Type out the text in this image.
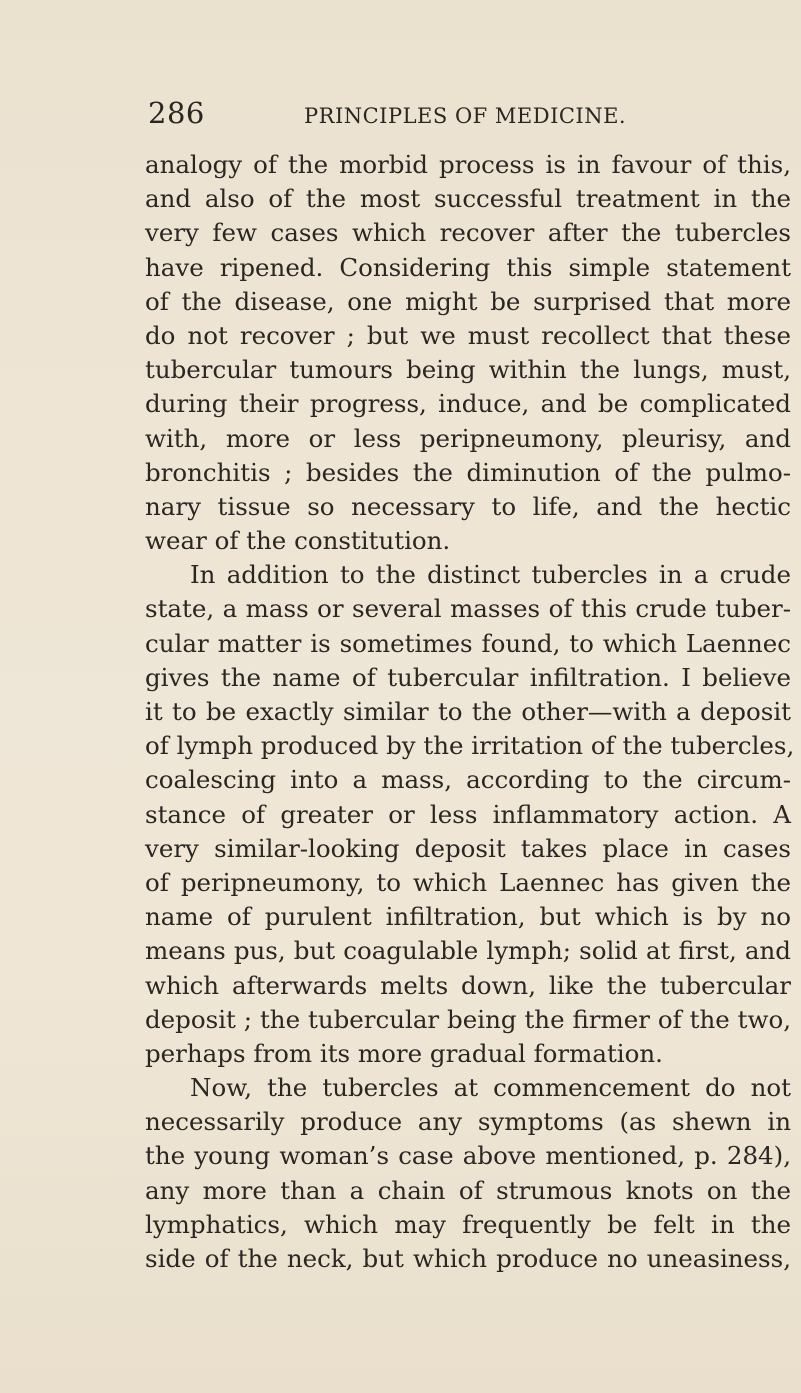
286	PRINCIPLES OF MEDICINE.
analogy of the morbid process is in favour of this,
and also of the most successful treatment in the
very few cases which recover after the tubercles
have ripened. Considering this simple statement
of the disease, one might be surprised that more
do not recover ; but we must recollect that these
tubercular tumours being within the lungs, must,
during their progress, induce, and be complicated
with, more or less peripneumony, pleurisy, and
bronchitis ; besides the diminution of the pulmo-
nary tissue so necessary to life, and the hectic
wear of the constitution.
In addition to the distinct tubercles in a crude
state, a mass or several masses of this crude tuber-
cular matter is sometimes found, to which Laennec
gives the name of tubercular infiltration. I believe
it to be exactly similar to the other—with a deposit
of lymph produced by the irritation of the tubercles,
coalescing into a mass, according to the circum-
stance of greater or less inflammatory action. A
very similar-looking deposit takes place in cases
of peripneumony, to which Laennec has given the
name of purulent infiltration, but which is by no
means pus, but coagulable lymph; solid at first, and
which afterwards melts down, like the tubercular
deposit ; the tubercular being the firmer of the two,
perhaps from its more gradual formation.
Now, the tubercles at commencement do not
necessarily produce any symptoms (as shewn in
the young woman’s case above mentioned, p. 284),
any more than a chain of strumous knots on the
lymphatics, which may frequently be felt in the
side of the neck, but which produce no uneasiness,
